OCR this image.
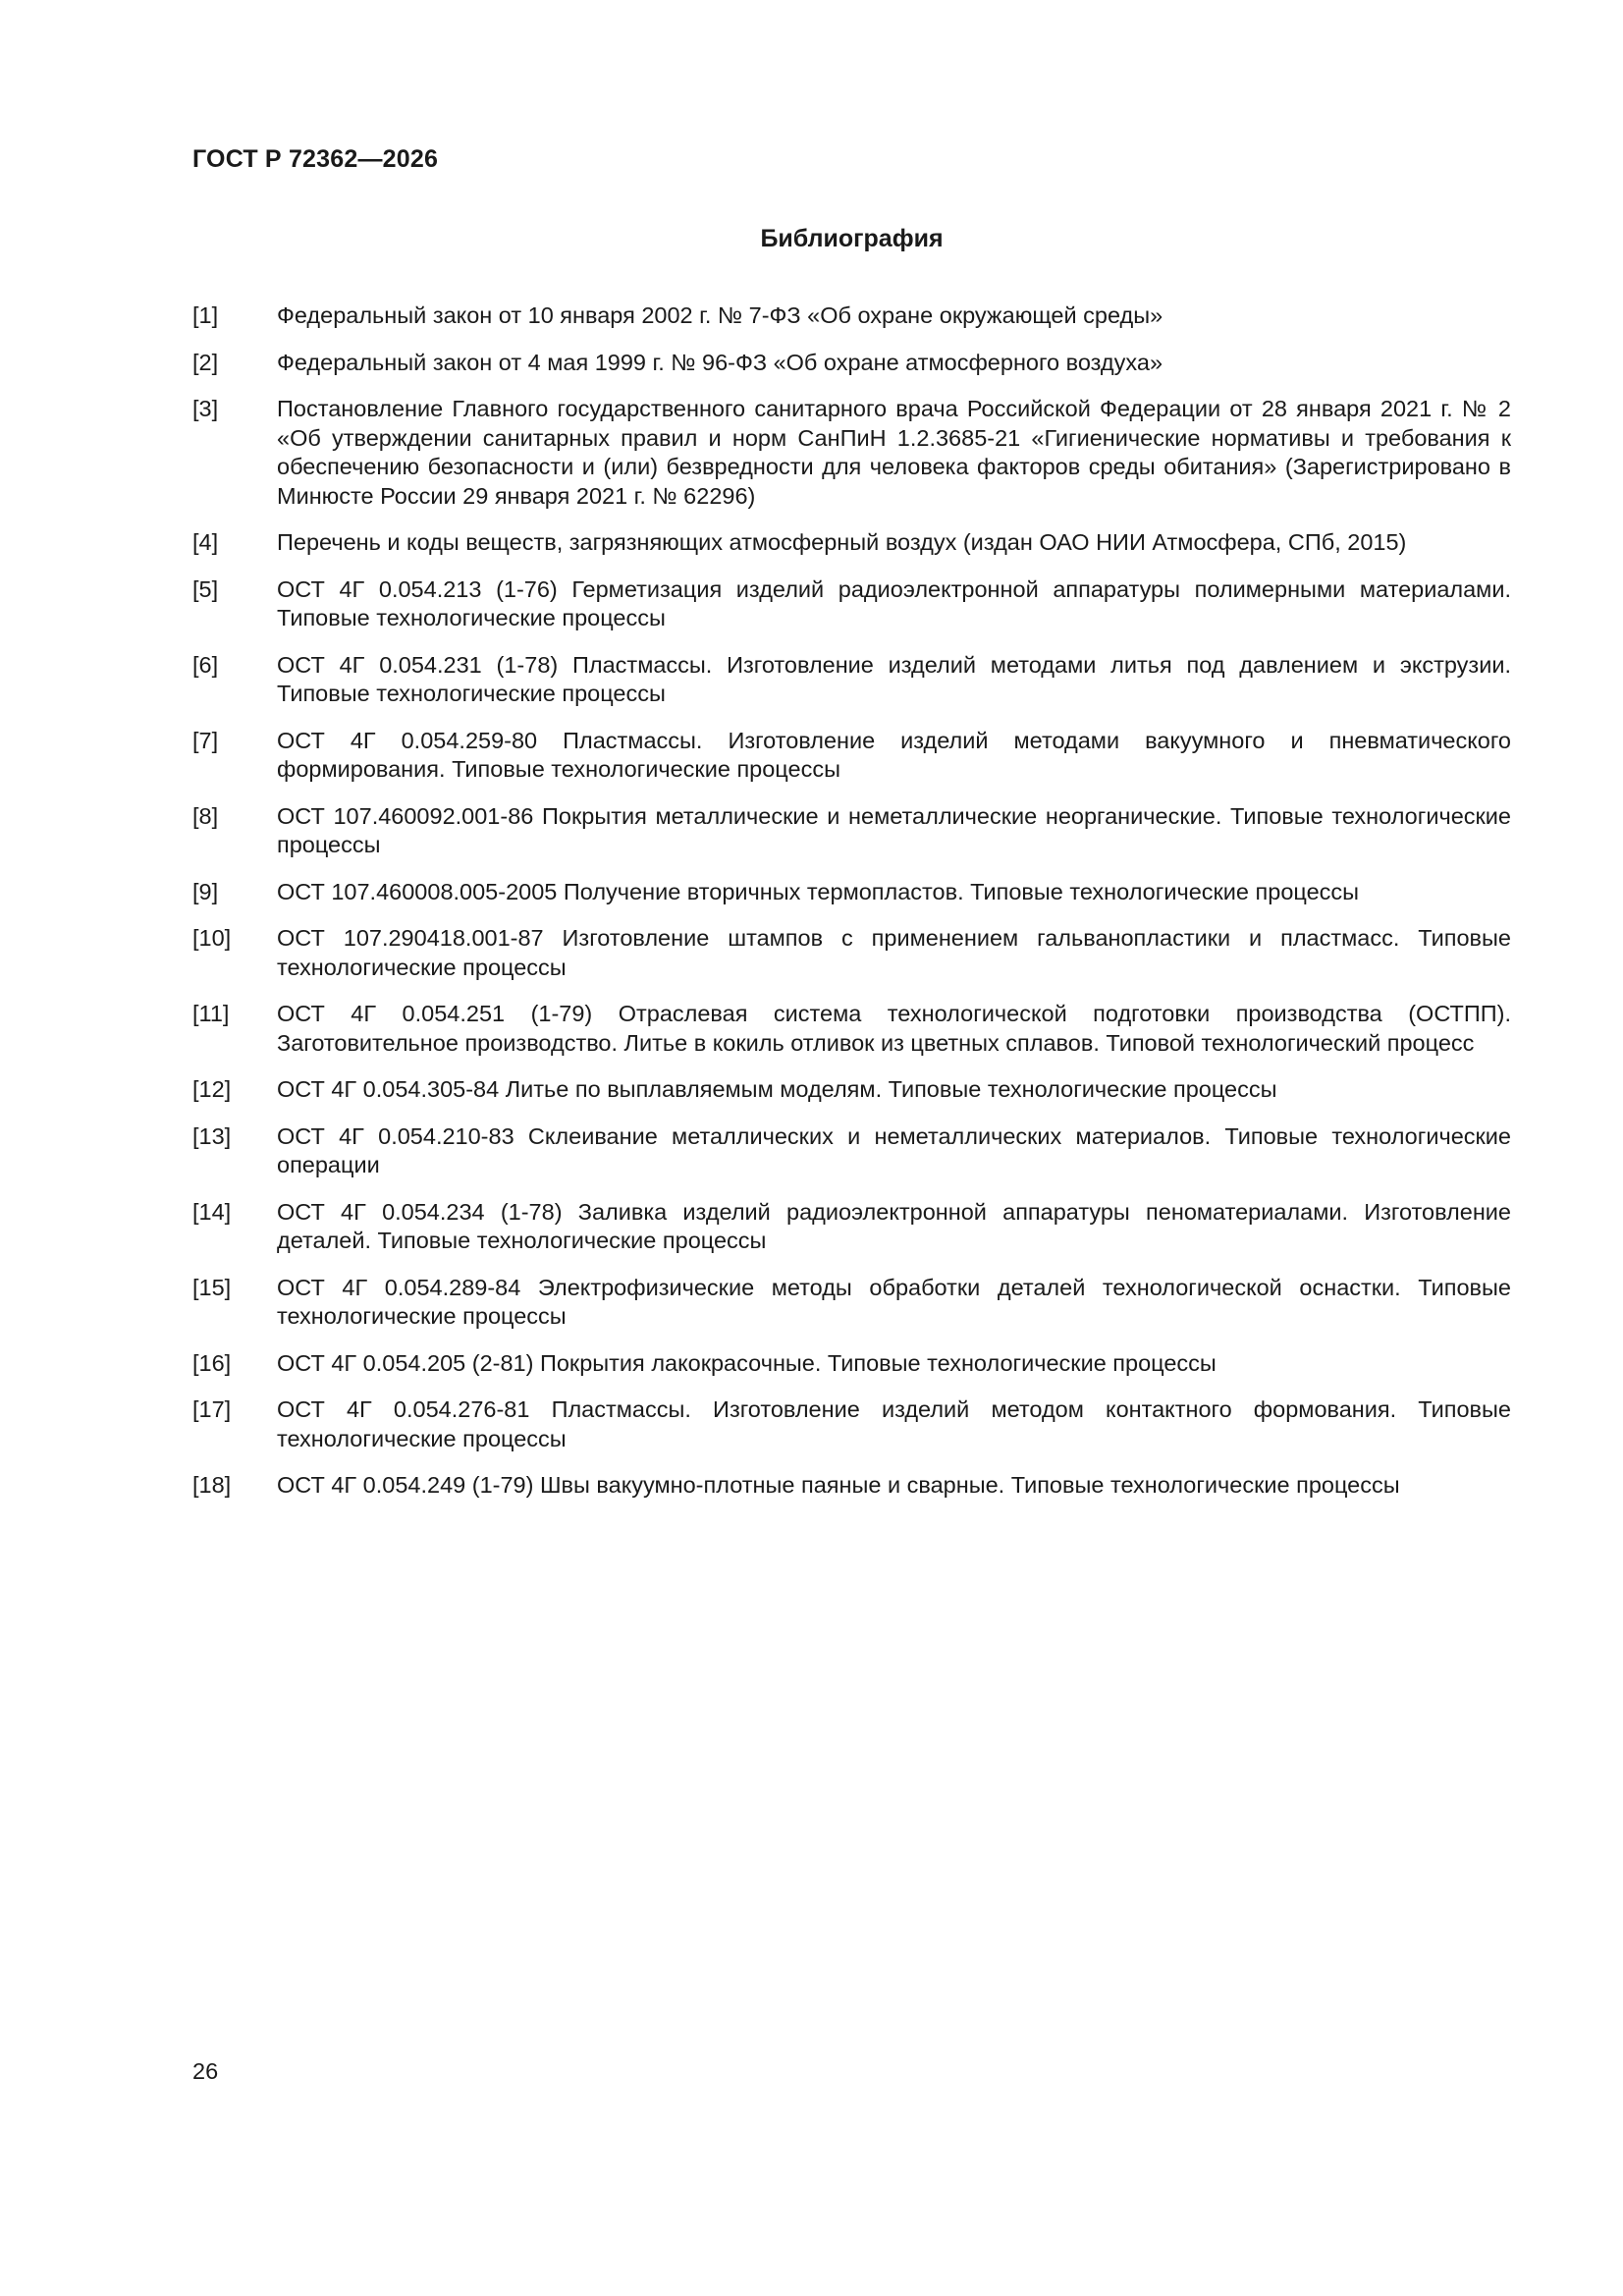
ГОСТ Р 72362—2026
Библиография
[1]	Федеральный закон от 10 января 2002 г. № 7-ФЗ «Об охране окружающей среды»
[2]	Федеральный закон от 4 мая 1999 г. № 96-ФЗ «Об охране атмосферного воздуха»
[3]	Постановление Главного государственного санитарного врача Российской Федерации от 28 января 2021 г. № 2 «Об утверждении санитарных правил и норм СанПиН 1.2.3685-21 «Гигиенические нормативы и требования к обеспечению безопасности и (или) безвредности для человека факторов среды обитания» (Зарегистрировано в Минюсте России 29 января 2021 г. № 62296)
[4]	Перечень и коды веществ, загрязняющих атмосферный воздух (издан ОАО НИИ Атмосфера, СПб, 2015)
[5]	ОСТ 4Г 0.054.213 (1-76) Герметизация изделий радиоэлектронной аппаратуры полимерными материалами. Типовые технологические процессы
[6]	ОСТ 4Г 0.054.231 (1-78) Пластмассы. Изготовление изделий методами литья под давлением и экструзии. Типовые технологические процессы
[7]	ОСТ 4Г 0.054.259-80 Пластмассы. Изготовление изделий методами вакуумного и пневматического формирования. Типовые технологические процессы
[8]	ОСТ 107.460092.001-86 Покрытия металлические и неметаллические неорганические. Типовые технологические процессы
[9]	ОСТ 107.460008.005-2005 Получение вторичных термопластов. Типовые технологические процессы
[10]	ОСТ 107.290418.001-87 Изготовление штампов с применением гальванопластики и пластмасс. Типовые технологические процессы
[11]	ОСТ 4Г 0.054.251 (1-79) Отраслевая система технологической подготовки производства (ОСТПП). Заготовительное производство. Литье в кокиль отливок из цветных сплавов. Типовой технологический процесс
[12]	ОСТ 4Г 0.054.305-84 Литье по выплавляемым моделям. Типовые технологические процессы
[13]	ОСТ 4Г 0.054.210-83 Склеивание металлических и неметаллических материалов. Типовые технологические операции
[14]	ОСТ 4Г 0.054.234 (1-78) Заливка изделий радиоэлектронной аппаратуры пеноматериалами. Изготовление деталей. Типовые технологические процессы
[15]	ОСТ 4Г 0.054.289-84 Электрофизические методы обработки деталей технологической оснастки. Типовые технологические процессы
[16]	ОСТ 4Г 0.054.205 (2-81) Покрытия лакокрасочные. Типовые технологические процессы
[17]	ОСТ 4Г 0.054.276-81 Пластмассы. Изготовление изделий методом контактного формования. Типовые технологические процессы
[18]	ОСТ 4Г 0.054.249 (1-79) Швы вакуумно-плотные паяные и сварные. Типовые технологические процессы
26
